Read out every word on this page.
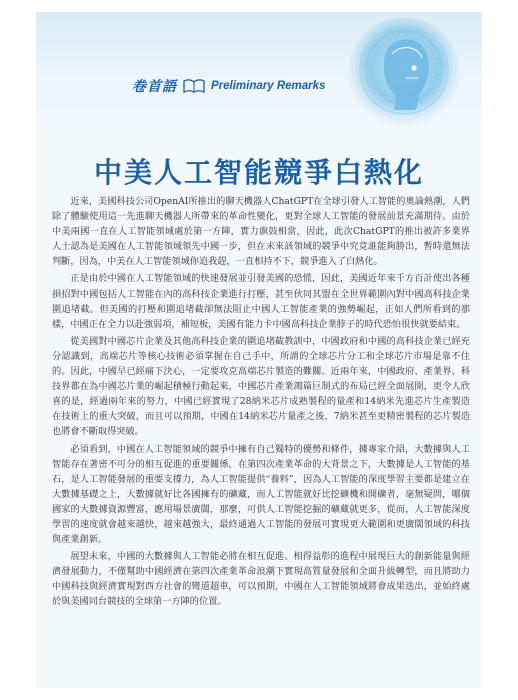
卷首語	Preliminary Remarks
中美人工智能競爭白熱化

近來，美國科技公司OpenAI所推出的聊天機器人ChatGPT在全球引發人工智能的奧論熱潮，人們除了體驗使用這一先進聊天機器人所帶來的革命性變化，更對全球人工智能的發展前景充滿期待。由於中美兩國一直在人工智能領域處於第一方陣，實力旗鼓相當，因此，此次ChatGPT的推出被許多業界人士認為是美國在人工智能領域領先中國一步，但在未來該領域的競爭中究竟誰能夠勝出，暫時還無法判斷，因為，中美在人工智能領域你追我趕，一直相持不下，競爭進入了白熱化。

正是由於中國在人工智能領域的快速發展並引發美國的恐慌，因此，美國近年來千方百計使出各種損招對中國包括人工智能在內的高科技企業進行打壓，甚至伙同其盟在全世界範圍內對中國高科技企業圍追堵截。但美國的打壓和圍追堵截卻無法阻止中國人工智能產業的強勢崛起，正如人們所看到的那樣，中國正在全力以赴強弱項，補短板，美國有能力卡中國高科技企業脖子的時代恐怕很快就要結束。

從美國對中國芯片企業及其他高科技企業的圍追堵截教訓中，中國政府和中國的高科技企業已經充分認識到，高端芯片等核心技術必須掌握在自己手中，所謂的全球芯片分工和全球芯片市場是靠不住的。因此，中國早已經痛下決心，一定要攻克高端芯片製造的難關。近兩年來，中國政府、產業界、科技界都在為中國芯片業的崛起積極行動起來，中國芯片產業鴻篇巨制式的布局已經全面展開，更令人欣喜的是，經過兩年來的努力，中國已經實現了28納米芯片成熟製程的量產和14納米先進芯片生產製造在技術上的重大突破，而且可以預期，中國在14納米芯片量產之後，7納米甚至更精密製程的芯片製造也將會不斷取得突破。

必須看到，中國在人工智能領域的競爭中擁有自己獨特的優勢和條件，據專家介紹，大數據與人工智能存在著密不可分的相互促進的重要關係，在第四次產業革命的大背景之下，大數據是人工智能的基石，是人工智能發展的重要支撐力，為人工智能提供“養料”，因為人工智能的深度學習主要都是建立在大數據基礎之上，大數據就好比各國擁有的礦藏，而人工智能就好比挖礦機和開礦者，毫無疑問，哪個國家的大數據資源豐富，應用場景廣闊，那麼，可供人工智能挖掘的礦藏就更多，從而，人工智能深度學習的速度就會越來越快，越來越強大，最終通過人工智能的發展可實現更大範圍和更廣闊領域的科技與產業創新。

展望未來，中國的大數據與人工智能必將在相互促進、相得益彰的進程中展現巨大的創新能量與經濟發展動力，不僅幫助中國經濟在第四次產業革命浪潮下實現高質量發展和全面升級轉型，而且將助力中國科技與經濟實現對西方社會的彎道超車，可以預期，中國在人工智能領域將會成果迭出，並始終處於與美國同台競技的全球第一方陣的位置。
